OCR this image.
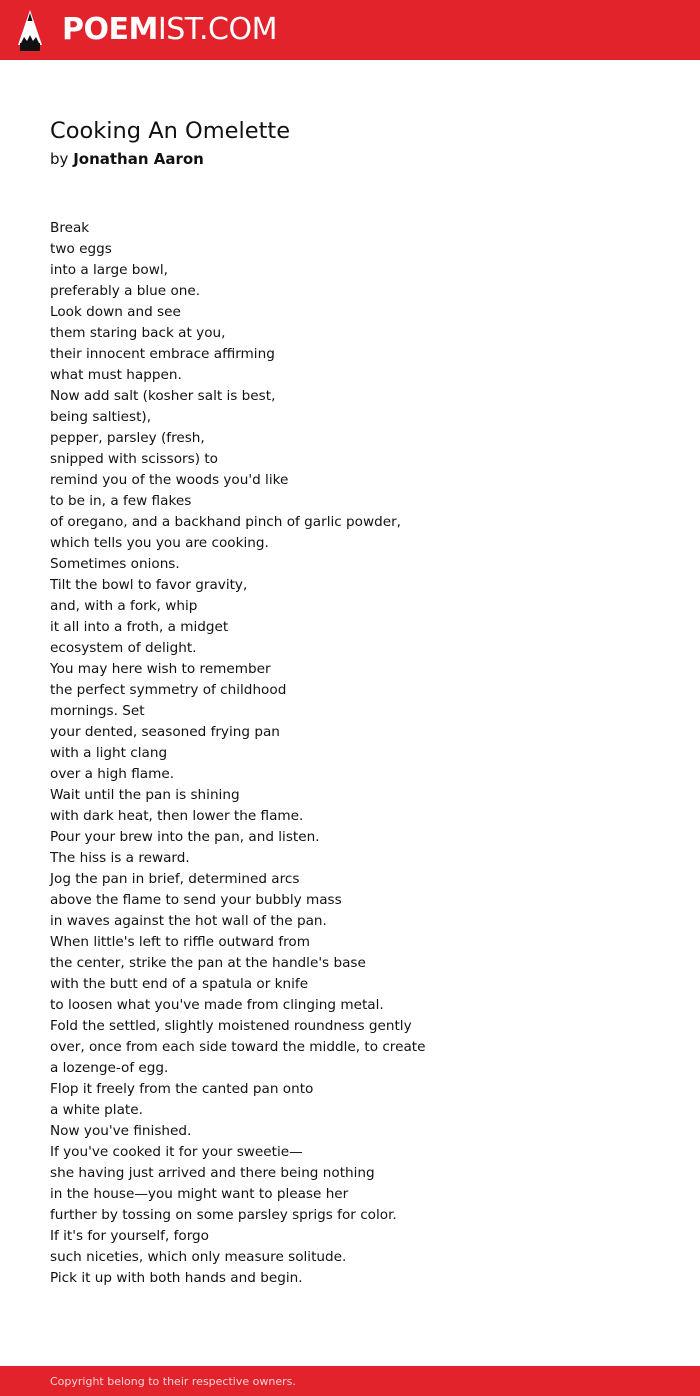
POEMIST.COM
Cooking An Omelette

by Jonathan Aaron

Break
two eggs
into a large bowl,
preferably a blue one.
Look down and see
them staring back at you,
their innocent embrace affirming
what must happen.
Now add salt (kosher salt is best,
being saltiest),
pepper, parsley (fresh,
snipped with scissors) to
remind you of the woods you'd like
to be in, a few flakes
of oregano, and a backhand pinch of garlic powder,
which tells you you are cooking.
Sometimes onions.
Tilt the bowl to favor gravity,
and, with a fork, whip
it all into a froth, a midget
ecosystem of delight.
You may here wish to remember
the perfect symmetry of childhood
mornings. Set
your dented, seasoned frying pan
with a light clang
over a high flame.
Wait until the pan is shining
with dark heat, then lower the flame.
Pour your brew into the pan, and listen.
The hiss is a reward.
Jog the pan in brief, determined arcs
above the flame to send your bubbly mass
in waves against the hot wall of the pan.
When little's left to riffle outward from
the center, strike the pan at the handle's base
with the butt end of a spatula or knife
to loosen what you've made from clinging metal.
Fold the settled, slightly moistened roundness gently
over, once from each side toward the middle, to create
a lozenge-of egg.
Flop it freely from the canted pan onto
a white plate.
Now you've finished.
If you've cooked it for your sweetie—
she having just arrived and there being nothing
in the house—you might want to please her
further by tossing on some parsley sprigs for color.
If it's for yourself, forgo
such niceties, which only measure solitude.
Pick it up with both hands and begin.
Copyright belong to their respective owners.
